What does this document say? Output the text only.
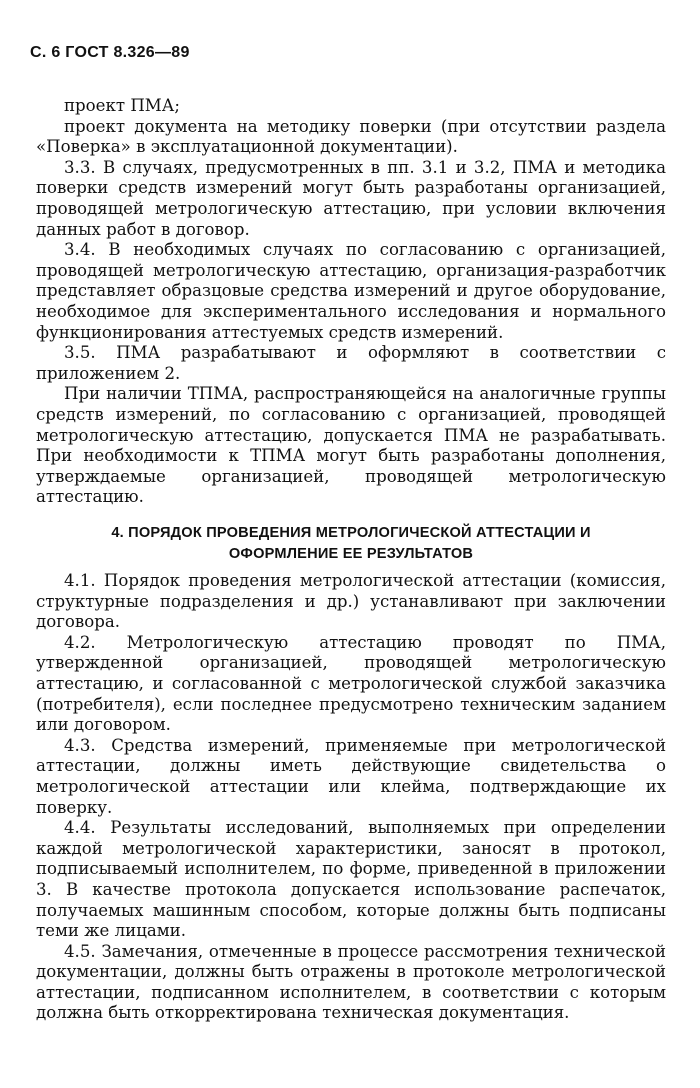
С. 6 ГОСТ 8.326—89

проект ПМА;

проект документа на методику поверки (при отсутствии раздела «Поверка» в эксплуатационной документации).

3.3. В случаях, предусмотренных в пп. 3.1 и 3.2, ПМА и методика поверки средств измерений могут быть разработаны организацией, проводящей метрологическую аттестацию, при условии включения данных работ в договор.

3.4. В необходимых случаях по согласованию с организацией, проводящей метрологическую аттестацию, организация-разработчик представляет образцовые средства измерений и другое оборудование, необходимое для экспериментального исследования и нормального функционирования аттестуемых средств измерений.

3.5. ПМА разрабатывают и оформляют в соответствии с приложением 2.

При наличии ТПМА, распространяющейся на аналогичные группы средств измерений, по согласованию с организацией, проводящей метрологическую аттестацию, допускается ПМА не разрабатывать. При необходимости к ТПМА могут быть разработаны дополнения, утверждаемые организацией, проводящей метрологическую аттестацию.

4. ПОРЯДОК ПРОВЕДЕНИЯ МЕТРОЛОГИЧЕСКОЙ АТТЕСТАЦИИ И
ОФОРМЛЕНИЕ ЕЕ РЕЗУЛЬТАТОВ

4.1. Порядок проведения метрологической аттестации (комиссия, структурные подразделения и др.) устанавливают при заключении договора.

4.2. Метрологическую аттестацию проводят по ПМА, утвержденной организацией, проводящей метрологическую аттестацию, и согласованной с метрологической службой заказчика (потребителя), если последнее предусмотрено техническим заданием или договором.

4.3. Средства измерений, применяемые при метрологической аттестации, должны иметь действующие свидетельства о метрологической аттестации или клейма, подтверждающие их поверку.

4.4. Результаты исследований, выполняемых при определении каждой метрологической характеристики, заносят в протокол, подписываемый исполнителем, по форме, приведенной в приложении 3. В качестве протокола допускается использование распечаток, получаемых машинным способом, которые должны быть подписаны теми же лицами.

4.5. Замечания, отмеченные в процессе рассмотрения технической документации, должны быть отражены в протоколе метрологической аттестации, подписанном исполнителем, в соответствии с которым должна быть откорректирована техническая документация.
